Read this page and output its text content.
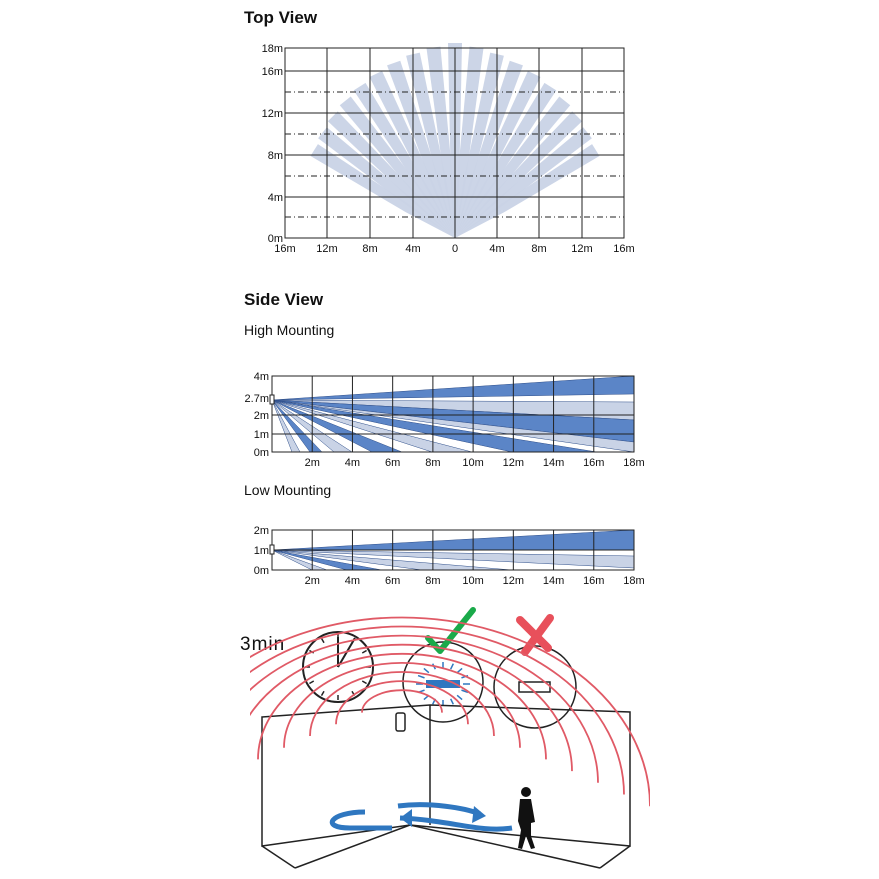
Top View
18m
16m
12m
8m
4m
0m
16m 12m 8m	4m	0	4m 8m 12m 16m
Side View
High Mounting
4m
2.7m
2m
1m
0m
2m 4m 6m 8m 10m 12m 14m 16m 18m
Low Mounting
2m
1m
0m
2m 4m 6m 8m 10m 12m 14m 16m 18m
3min
